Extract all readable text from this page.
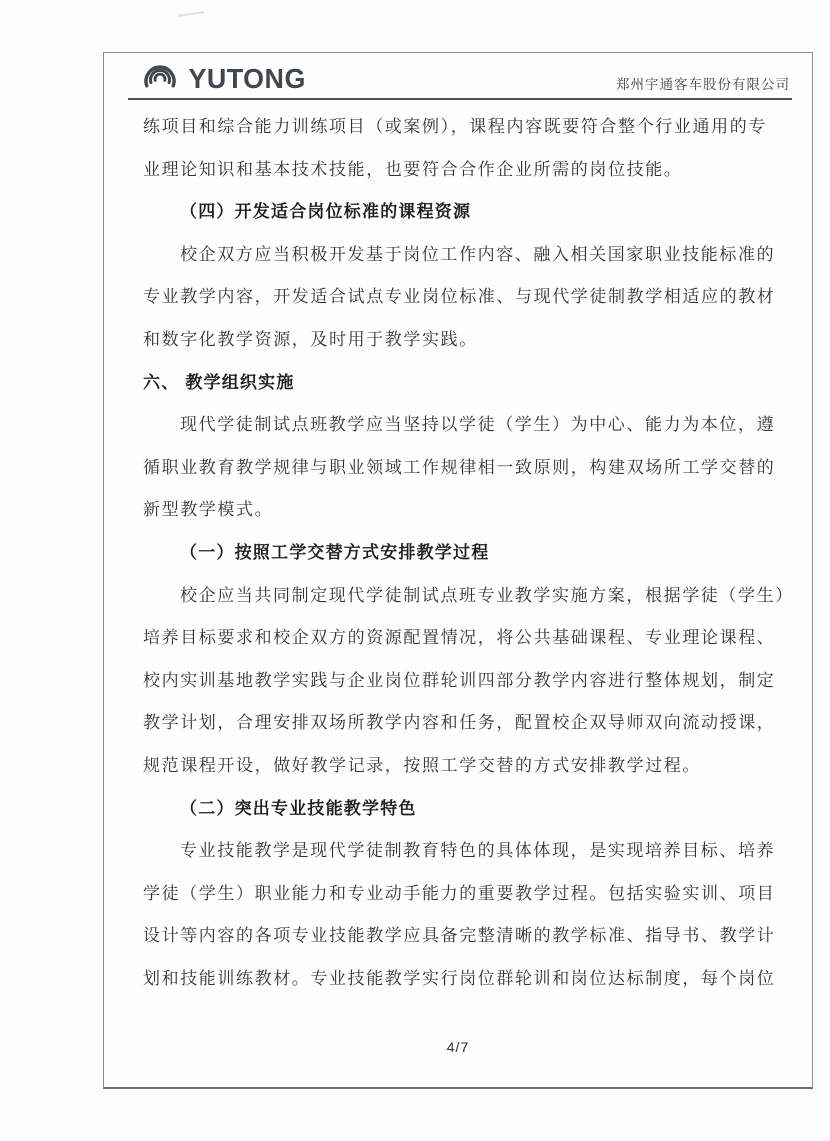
YUTONG	郑州宇通客车股份有限公司
练项目和综合能力训练项目（或案例），课程内容既要符合整个行业通用的专
业理论知识和基本技术技能，也要符合合作企业所需的岗位技能。
（四）开发适合岗位标准的课程资源
校企双方应当积极开发基于岗位工作内容、融入相关国家职业技能标准的
专业教学内容，开发适合试点专业岗位标准、与现代学徒制教学相适应的教材
和数字化教学资源，及时用于教学实践。
六、 教学组织实施
现代学徒制试点班教学应当坚持以学徒（学生）为中心、能力为本位，遵
循职业教育教学规律与职业领域工作规律相一致原则，构建双场所工学交替的
新型教学模式。
（一）按照工学交替方式安排教学过程
校企应当共同制定现代学徒制试点班专业教学实施方案，根据学徒（学生）
培养目标要求和校企双方的资源配置情况，将公共基础课程、专业理论课程、
校内实训基地教学实践与企业岗位群轮训四部分教学内容进行整体规划，制定
教学计划，合理安排双场所教学内容和任务，配置校企双导师双向流动授课，
规范课程开设，做好教学记录，按照工学交替的方式安排教学过程。
（二）突出专业技能教学特色
专业技能教学是现代学徒制教育特色的具体体现，是实现培养目标、培养
学徒（学生）职业能力和专业动手能力的重要教学过程。包括实验实训、项目
设计等内容的各项专业技能教学应具备完整清晰的教学标准、指导书、教学计
划和技能训练教材。专业技能教学实行岗位群轮训和岗位达标制度，每个岗位
4/7
